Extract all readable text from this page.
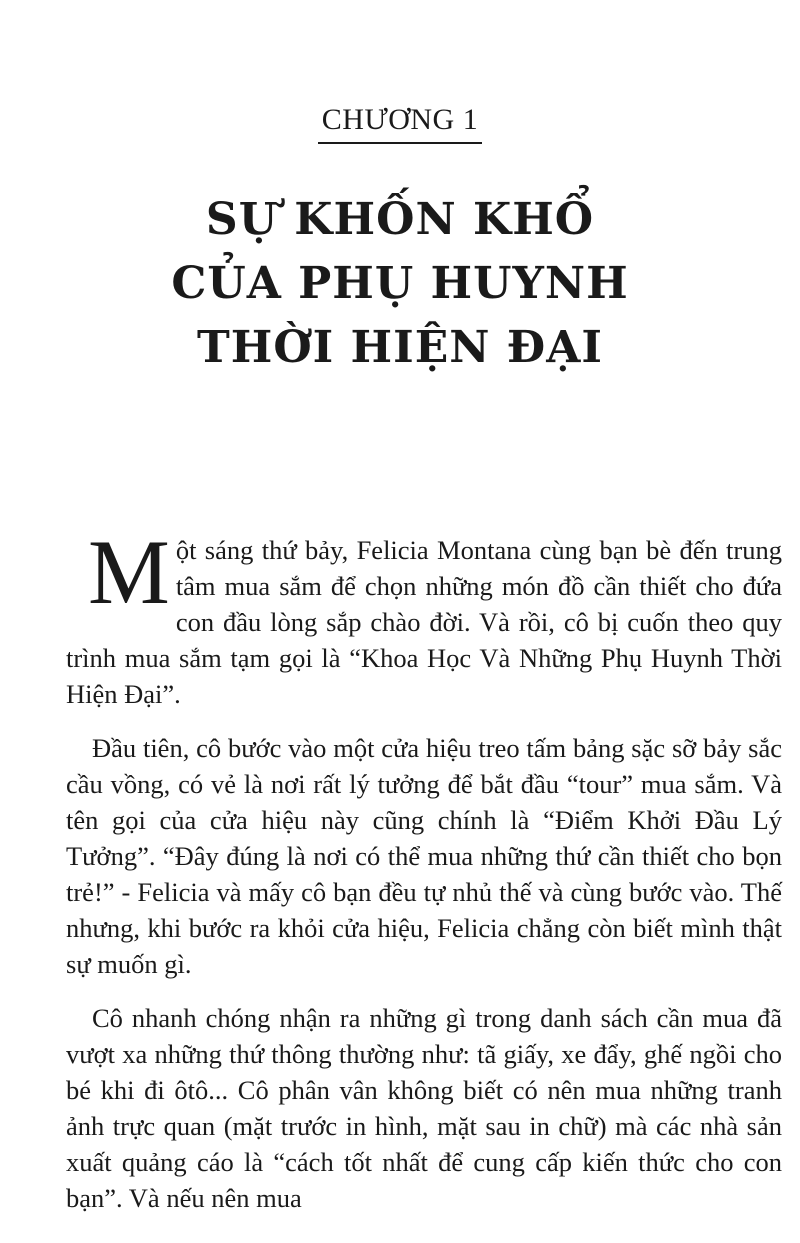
CHƯƠNG 1
SỰ KHỐN KHỔ
CỦA PHỤ HUYNH
THỜI HIỆN ĐẠI

Một sáng thứ bảy, Felicia Montana cùng bạn bè đến trung tâm mua sắm để chọn những món đồ cần thiết cho đứa con đầu lòng sắp chào đời. Và rồi, cô bị cuốn theo quy trình mua sắm tạm gọi là “Khoa Học Và Những Phụ Huynh Thời Hiện Đại”.

Đầu tiên, cô bước vào một cửa hiệu treo tấm bảng sặc sỡ bảy sắc cầu vồng, có vẻ là nơi rất lý tưởng để bắt đầu “tour” mua sắm. Và tên gọi của cửa hiệu này cũng chính là “Điểm Khởi Đầu Lý Tưởng”. “Đây đúng là nơi có thể mua những thứ cần thiết cho bọn trẻ!” - Felicia và mấy cô bạn đều tự nhủ thế và cùng bước vào. Thế nhưng, khi bước ra khỏi cửa hiệu, Felicia chẳng còn biết mình thật sự muốn gì.

Cô nhanh chóng nhận ra những gì trong danh sách cần mua đã vượt xa những thứ thông thường như: tã giấy, xe đẩy, ghế ngồi cho bé khi đi ôtô... Cô phân vân không biết có nên mua những tranh ảnh trực quan (mặt trước in hình, mặt sau in chữ) mà các nhà sản xuất quảng cáo là “cách tốt nhất để cung cấp kiến thức cho con bạn”. Và nếu nên mua
